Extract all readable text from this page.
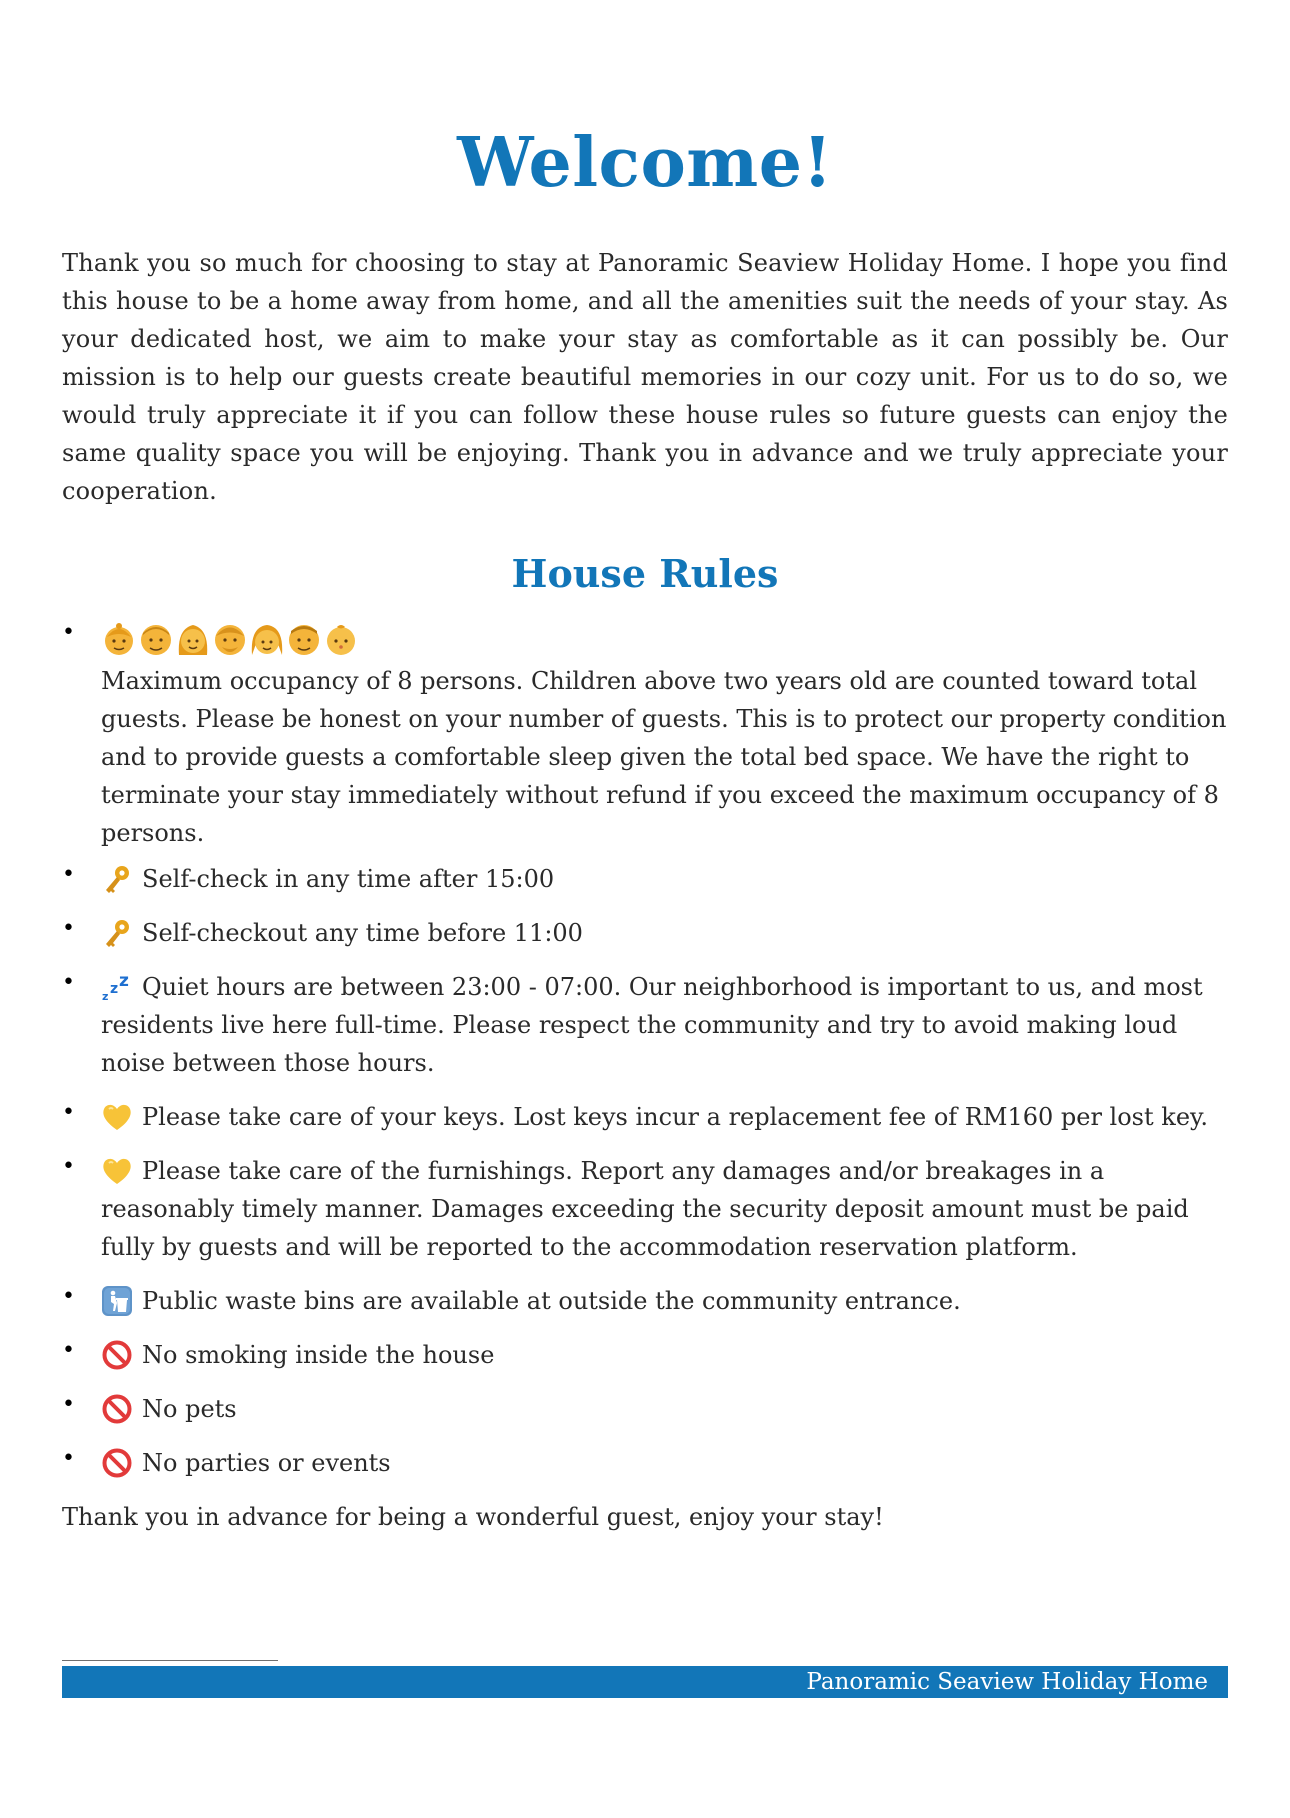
Welcome!

Thank you so much for choosing to stay at Panoramic Seaview Holiday Home. I hope you find this house to be a home away from home, and all the amenities suit the needs of your stay. As your dedicated host, we aim to make your stay as comfortable as it can possibly be. Our mission is to help our guests create beautiful memories in our cozy unit. For us to do so, we would truly appreciate it if you can follow these house rules so future guests can enjoy the same quality space you will be enjoying. Thank you in advance and we truly appreciate your cooperation.

House Rules
•
Maximum occupancy of 8 persons. Children above two years old are counted toward total guests. Please be honest on your number of guests. This is to protect our property condition and to provide guests a comfortable sleep given the total bed space. We have the right to terminate your stay immediately without refund if you exceed the maximum occupancy of 8 persons.
•	Self-check in any time after 15:00
•	Self-checkout any time before 11:00
•
z z z Quiet hours are between 23:00 - 07:00. Our neighborhood is important to us, and most residents live here full-time. Please respect the community and try to avoid making loud noise between those hours.
•	Please take care of your keys. Lost keys incur a replacement fee of RM160 per lost key.
•	Please take care of the furnishings. Report any damages and/or breakages in a reasonably timely manner. Damages exceeding the security deposit amount must be paid fully by guests and will be reported to the accommodation reservation platform.
•	Public waste bins are available at outside the community entrance.
•	No smoking inside the house
•	No pets
•	No parties or events

Thank you in advance for being a wonderful guest, enjoy your stay!

Panoramic Seaview Holiday Home
